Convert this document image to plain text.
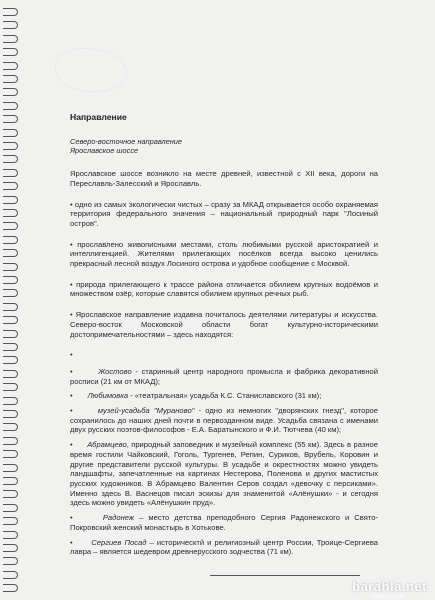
Направление

Северо-восточное направление

Ярославское шоссе

Ярославское шоссе возникло на месте древней, известной с XII века, дороги на Переславль-Залесский и Ярославль.

• одно из самых экологически чистых – сразу за МКАД открывается особо охраняемая территория федерального значения – национальный природный парк "Лосиный остров".

• прославлено живописными местами, столь любимыми русской аристократией и интеллигенцией. Жителями прилегающих посёлков всегда высоко ценились прекрасный лесной воздух Лосиного острова и удобное сообщение с Москвой.

• природа прилегающего к трассе района отличается обилием крупных водоёмов и множеством озёр, которые славятся обилием крупных речных рыб.

• Ярославское направление издавна почиталось деятелями литературы и искусства. Северо-восток Московской области богат культурно-историческими достопримечательностями – здесь находятся:

•

•       Жостово - старинный центр народного промысла и фабрика декоративной росписи (21 км от МКАД);

•       Любимовка - «театральная» усадьба К.С. Станиславского (31 км);

•      музей-усадьба "Мураново" - одно из немногих "дворянских гнезд", которое сохранилось до наших дней почти в первозданном виде. Усадьба связана с именами двух русских поэтов-философов - Е.А. Баратынского и Ф.И. Тютчева (40 км);

•      Абрамцево, природный заповедник и музейный комплекс (55 км). Здесь в разное время гостили Чайковский, Гоголь, Тургенев, Репин, Суриков, Врубель, Коровин и другие представители русской культуры. В усадьбе и окрестностях можно увидеть ландшафты, запечатленные на картинах Нестерова, Поленова и других мастистых русских художников. В Абрамцево Валентин Серов создал «девочку с персиками». Именно здесь В. Васнецов писал эскизы для знаменитой «Алёнушки» - и сегодня здесь можно увидеть «Алёнушкин пруд».

•      Радонеж – место детства преподобного Сергия Радонежского и Свято-Покровский женский монастырь в Хотькове.

•      Сергиев Посад – историческтй и религиозный центр России, Троице-Сергиева лавра – является шедевром древнерусского зодчества (71 км).

barahla.net
барахла нет
